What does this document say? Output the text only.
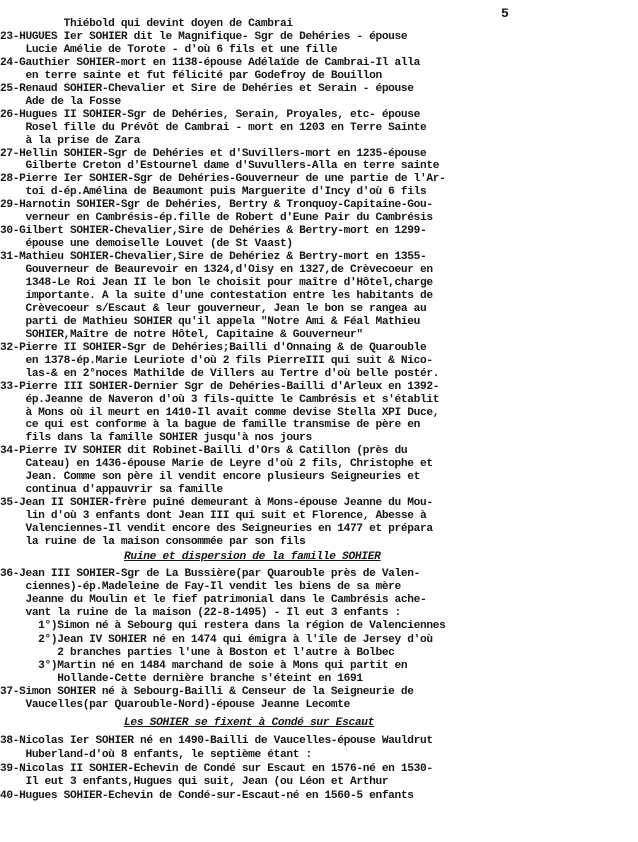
5
Thiébold qui devint doyen de Cambrai
23-HUGUES Ier SOHIER dit le Magnifique- Sgr de Dehéries - épouse
Lucie Amélie de Torote - d'où 6 fils et une fille
24-Gauthier SOHIER-mort en 1138-épouse Adélaïde de Cambrai-Il alla
en terre sainte et fut félicité par Godefroy de Bouillon
25-Renaud SOHIER-Chevalier et Sire de Dehéries et Serain - épouse
Ade de la Fosse
26-Hugues II SOHIER-Sgr de Dehéries, Serain, Proyales, etc- épouse
Rosel fille du Prévôt de Cambrai - mort en 1203 en Terre Sainte
à la prise de Zara
27-Hellin SOHIER-Sgr de Dehéries et d'Suvillers-mort en 1235-épouse
Gilberte Creton d'Estournel dame d'Suvullers-Alla en terre sainte
28-Pierre Ier SOHIER-Sgr de Dehéries-Gouverneur de une partie de l'Ar-
toi d-ép.Amélina de Beaumont puis Marguerite d'Incy d'où 6 fils
29-Harnotin SOHIER-Sgr de Dehéries, Bertry & Tronquoy-Capitaine-Gou-
verneur en Cambrésis-ép.fille de Robert d'Eune Pair du Cambrésis
30-Gilbert SOHIER-Chevalier,Sire de Dehéries & Bertry-mort en 1299-
épouse une demoiselle Louvet (de St Vaast)
31-Mathieu SOHIER-Chevalier,Sire de Dehériez & Bertry-mort en 1355-
Gouverneur de Beaurevoir en 1324,d'Oisy en 1327,de Crèvecoeur en
1348-Le Roi Jean II le bon le choisit pour maître d'Hôtel,charge
importante. A la suite d'une contestation entre les habitants de
Crèvecoeur s/Escaut & leur gouverneur, Jean le bon se rangea au
parti de Mathieu SOHIER qu'il appela "Notre Ami & Féal Mathieu
SOHIER,Maître de notre Hôtel, Capitaine & Gouverneur"
32-Pierre II SOHIER-Sgr de Dehéries;Bailli d'Onnaing & de Quarouble
en 1378-ép.Marie Leuriote d'où 2 fils PierreIII qui suit & Nico-
las-& en 2°noces Mathilde de Villers au Tertre d'où belle postér.
33-Pierre III SOHIER-Dernier Sgr de Dehéries-Bailli d'Arleux en 1392-
ép.Jeanne de Naveron d'où 3 fils-quitte le Cambrésis et s'établit
à Mons où il meurt en 1410-Il avait comme devise Stella XPI Duce,
ce qui est conforme à la bague de famille transmise de père en
fils dans la famille SOHIER jusqu'à nos jours
34-Pierre IV SOHIER dit Robinet-Bailli d'Ors & Catillon (près du
Cateau) en 1436-épouse Marie de Leyre d'où 2 fils, Christophe et
Jean. Comme son père il vendit encore plusieurs Seigneuries et
continua d'appauvrir sa famille
35-Jean II SOHIER-frère puîné demeurant à Mons-épouse Jeanne du Mou-
lin d'où 3 enfants dont Jean III qui suit et Florence, Abesse à
Valenciennes-Il vendit encore des Seigneuries en 1477 et prépara
la ruine de la maison consommée par son fils
Ruine et dispersion de la famille SOHIER
36-Jean III SOHIER-Sgr de La Bussière(par Quarouble près de Valen-
ciennes)-ép.Madeleine de Fay-Il vendit les biens de sa mère
Jeanne du Moulin et le fief patrimonial dans le Cambrésis ache-
vant la ruine de la maison (22-8-1495) - Il eut 3 enfants :
1°)Simon né à Sebourg qui restera dans la région de Valenciennes
2°)Jean IV SOHIER né en 1474 qui émigra à l'île de Jersey d'où
2 branches parties l'une à Boston et l'autre à Bolbec
3°)Martin né en 1484 marchand de soie à Mons qui partit en
Hollande-Cette dernière branche s'éteint en 1691
37-Simon SOHIER né à Sebourg-Bailli & Censeur de la Seigneurie de
Vaucelles(par Quarouble-Nord)-épouse Jeanne Lecomte
Les SOHIER se fixent à Condé sur Escaut
38-Nicolas Ier SOHIER né en 1490-Bailli de Vaucelles-épouse Wauldrut
Huberland-d'où 8 enfants, le septième étant :
39-Nicolas II SOHIER-Echevin de Condé sur Escaut en 1576-né en 1530-
Il eut 3 enfants,Hugues qui suit, Jean (ou Léon et Arthur
40-Hugues SOHIER-Echevin de Condé-sur-Escaut-né en 1560-5 enfants
